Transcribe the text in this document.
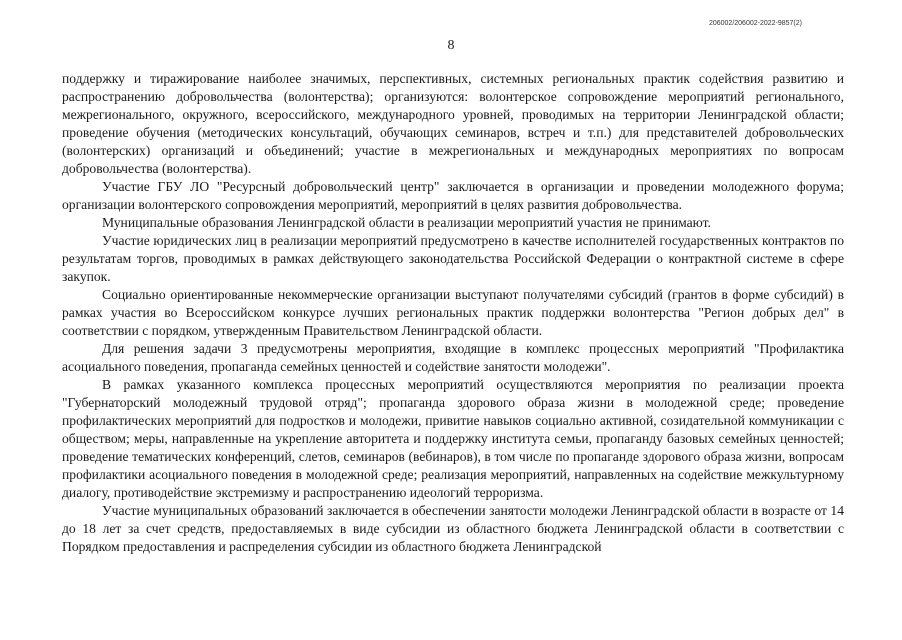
206002/206002-2022-9857(2)
8

поддержку и тиражирование наиболее значимых, перспективных, системных региональных практик содействия развитию и распространению добровольчества (волонтерства); организуются: волонтерское сопровождение мероприятий регионального, межрегионального, окружного, всероссийского, международного уровней, проводимых на территории Ленинградской области; проведение обучения (методических консультаций, обучающих семинаров, встреч и т.п.) для представителей добровольческих (волонтерских) организаций и объединений; участие в межрегиональных и международных мероприятиях по вопросам добровольчества (волонтерства).

Участие ГБУ ЛО "Ресурсный добровольческий центр" заключается в организации и проведении молодежного форума; организации волонтерского сопровождения мероприятий, мероприятий в целях развития добровольчества.

Муниципальные образования Ленинградской области в реализации мероприятий участия не принимают.

Участие юридических лиц в реализации мероприятий предусмотрено в качестве исполнителей государственных контрактов по результатам торгов, проводимых в рамках действующего законодательства Российской Федерации о контрактной системе в сфере закупок.

Социально ориентированные некоммерческие организации выступают получателями субсидий (грантов в форме субсидий) в рамках участия во Всероссийском конкурсе лучших региональных практик поддержки волонтерства "Регион добрых дел" в соответствии с порядком, утвержденным Правительством Ленинградской области.

Для решения задачи 3 предусмотрены мероприятия, входящие в комплекс процессных мероприятий "Профилактика асоциального поведения, пропаганда семейных ценностей и содействие занятости молодежи".

В рамках указанного комплекса процессных мероприятий осуществляются мероприятия по реализации проекта "Губернаторский молодежный трудовой отряд"; пропаганда здорового образа жизни в молодежной среде; проведение профилактических мероприятий для подростков и молодежи, привитие навыков социально активной, созидательной коммуникации с обществом; меры, направленные на укрепление авторитета и поддержку института семьи, пропаганду базовых семейных ценностей; проведение тематических конференций, слетов, семинаров (вебинаров), в том числе по пропаганде здорового образа жизни, вопросам профилактики асоциального поведения в молодежной среде; реализация мероприятий, направленных на содействие межкультурному диалогу, противодействие экстремизму и распространению идеологий терроризма.

Участие муниципальных образований заключается в обеспечении занятости молодежи Ленинградской области в возрасте от 14 до 18 лет за счет средств, предоставляемых в виде субсидии из областного бюджета Ленинградской области в соответствии с Порядком предоставления и распределения субсидии из областного бюджета Ленинградской
